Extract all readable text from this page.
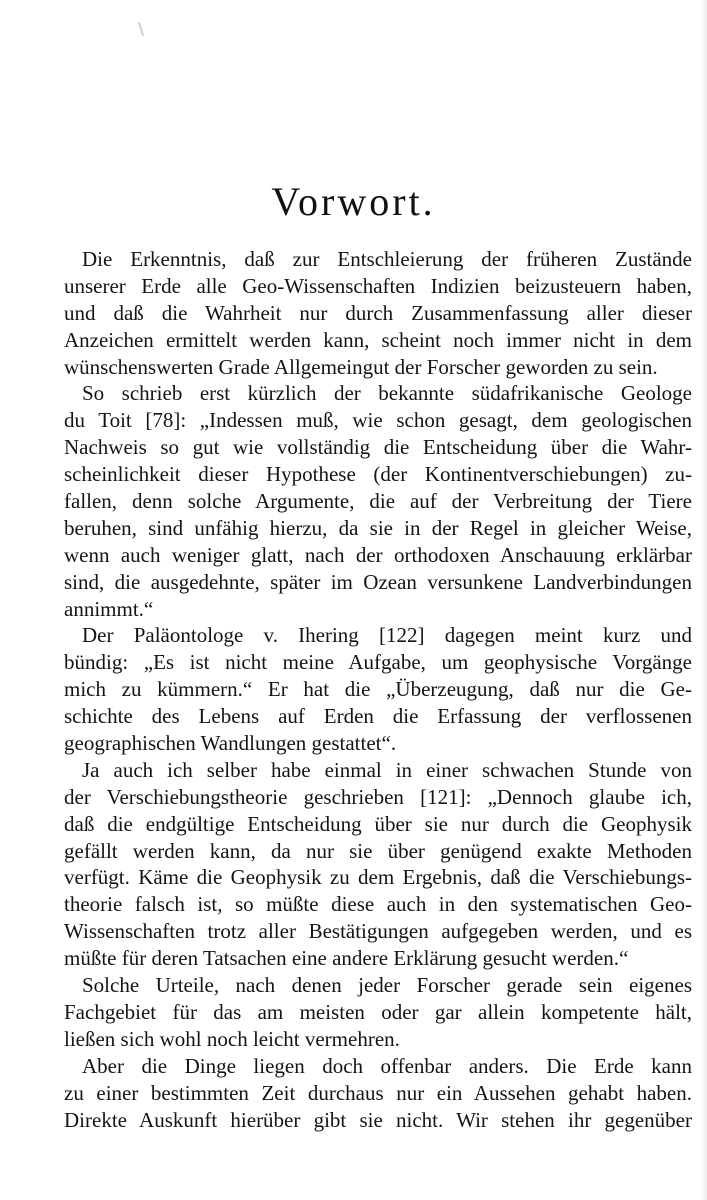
Vorwort.
Die Erkenntnis, daß zur Entschleierung der früheren Zustände
unserer Erde alle Geo-Wissenschaften Indizien beizusteuern haben,
und daß die Wahrheit nur durch Zusammenfassung aller dieser
Anzeichen ermittelt werden kann, scheint noch immer nicht in dem
wünschenswerten Grade Allgemeingut der Forscher geworden zu sein.
So schrieb erst kürzlich der bekannte südafrikanische Geologe
du Toit [78]: „Indessen muß, wie schon gesagt, dem geologischen
Nachweis so gut wie vollständig die Entscheidung über die Wahr-
scheinlichkeit dieser Hypothese (der Kontinentverschiebungen) zu-
fallen, denn solche Argumente, die auf der Verbreitung der Tiere
beruhen, sind unfähig hierzu, da sie in der Regel in gleicher Weise,
wenn auch weniger glatt, nach der orthodoxen Anschauung erklärbar
sind, die ausgedehnte, später im Ozean versunkene Landverbindungen
annimmt.“
Der Paläontologe v. Ihering [122] dagegen meint kurz und
bündig: „Es ist nicht meine Aufgabe, um geophysische Vorgänge
mich zu kümmern.“ Er hat die „Überzeugung, daß nur die Ge-
schichte des Lebens auf Erden die Erfassung der verflossenen
geographischen Wandlungen gestattet“.
Ja auch ich selber habe einmal in einer schwachen Stunde von
der Verschiebungstheorie geschrieben [121]: „Dennoch glaube ich,
daß die endgültige Entscheidung über sie nur durch die Geophysik
gefällt werden kann, da nur sie über genügend exakte Methoden
verfügt. Käme die Geophysik zu dem Ergebnis, daß die Verschiebungs-
theorie falsch ist, so müßte diese auch in den systematischen Geo-
Wissenschaften trotz aller Bestätigungen aufgegeben werden, und es
müßte für deren Tatsachen eine andere Erklärung gesucht werden.“
Solche Urteile, nach denen jeder Forscher gerade sein eigenes
Fachgebiet für das am meisten oder gar allein kompetente hält,
ließen sich wohl noch leicht vermehren.
Aber die Dinge liegen doch offenbar anders. Die Erde kann
zu einer bestimmten Zeit durchaus nur ein Aussehen gehabt haben.
Direkte Auskunft hierüber gibt sie nicht. Wir stehen ihr gegenüber
